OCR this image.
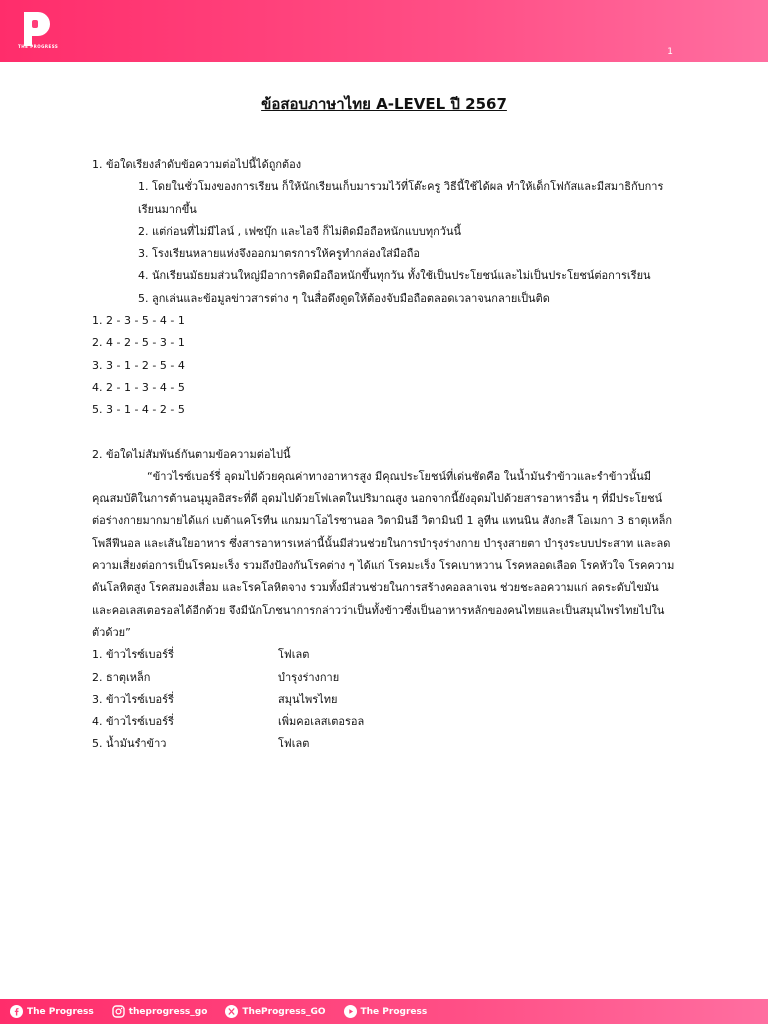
THE PROGRESS
1
ข้อสอบภาษาไทย A-LEVEL ปี 2567
1. ข้อใดเรียงลำดับข้อความต่อไปนี้ได้ถูกต้อง
1. โดยในชั่วโมงของการเรียน ก็ให้นักเรียนเก็บมารวมไว้ที่โต๊ะครู วิธีนี้ใช้ได้ผล ทำให้เด็กโฟกัสและมีสมาธิกับการ
เรียนมากขึ้น
2. แต่ก่อนที่ไม่มีไลน์ , เฟซบุ๊ก และไอจี ก็ไม่ติดมือถือหนักแบบทุกวันนี้
3. โรงเรียนหลายแห่งจึงออกมาตรการให้ครูทำกล่องใส่มือถือ
4. นักเรียนมัธยมส่วนใหญ่มีอาการติดมือถือหนักขึ้นทุกวัน ทั้งใช้เป็นประโยชน์และไม่เป็นประโยชน์ต่อการเรียน
5. ลูกเล่นและข้อมูลข่าวสารต่าง ๆ ในสื่อดึงดูดให้ต้องจับมือถือตลอดเวลาจนกลายเป็นติด
1. 2 - 3 - 5 - 4 - 1
2. 4 - 2 - 5 - 3 - 1
3. 3 - 1 - 2 - 5 - 4
4. 2 - 1 - 3 - 4 - 5
5. 3 - 1 - 4 - 2 - 5
2. ข้อใดไม่สัมพันธ์กันตามข้อความต่อไปนี้
“ข้าวไรซ์เบอร์รี่ อุดมไปด้วยคุณค่าทางอาหารสูง มีคุณประโยชน์ที่เด่นชัดคือ ในน้ำมันรำข้าวและรำข้าวนั้นมี
คุณสมบัติในการต้านอนุมูลอิสระที่ดี อุดมไปด้วยโฟเลตในปริมาณสูง นอกจากนี้ยังอุดมไปด้วยสารอาหารอื่น ๆ ที่มีประโยชน์
ต่อร่างกายมากมายได้แก่ เบต้าแคโรทีน แกมมาโอไรซานอล วิตามินอี วิตามินบี 1 ลูทีน แทนนิน สังกะสี โอเมกา 3 ธาตุเหล็ก
โพลีฟีนอล และเส้นใยอาหาร ซึ่งสารอาหารเหล่านี้นั้นมีส่วนช่วยในการบำรุงร่างกาย บำรุงสายตา บำรุงระบบประสาท และลด
ความเสี่ยงต่อการเป็นโรคมะเร็ง รวมถึงป้องกันโรคต่าง ๆ ได้แก่ โรคมะเร็ง โรคเบาหวาน โรคหลอดเลือด โรคหัวใจ โรคความ
ดันโลหิตสูง โรคสมองเสื่อม และโรคโลหิตจาง รวมทั้งมีส่วนช่วยในการสร้างคอลลาเจน ช่วยชะลอความแก่ ลดระดับไขมัน
และคอเลสเตอรอลได้อีกด้วย จึงมีนักโภชนาการกล่าวว่าเป็นทั้งข้าวซึ่งเป็นอาหารหลักของคนไทยและเป็นสมุนไพรไทยไปใน
ตัวด้วย”
1. ข้าวไรซ์เบอร์รี่	โฟเลต
2. ธาตุเหล็ก	บำรุงร่างกาย
3. ข้าวไรซ์เบอร์รี่	สมุนไพรไทย
4. ข้าวไรซ์เบอร์รี่	เพิ่มคอเลสเตอรอล
5. น้ำมันรำข้าว	โฟเลต
The Progress	theprogress_go	TheProgress_GO	The Progress
